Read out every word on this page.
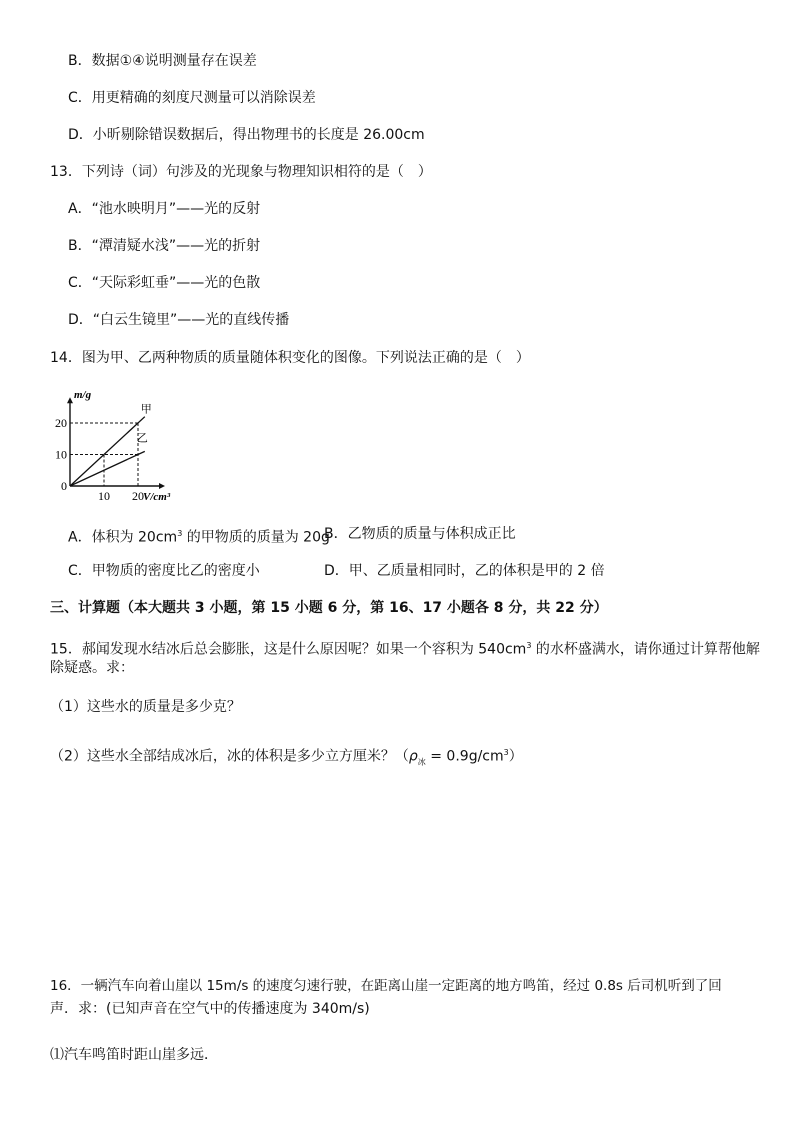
B．数据①④说明测量存在误差
C．用更精确的刻度尺测量可以消除误差
D．小昕剔除错误数据后，得出物理书的长度是 26.00cm
13．下列诗（词）句涉及的光现象与物理知识相符的是（　）
A．“池水映明月”——光的反射
B．“潭清疑水浅”——光的折射
C．“天际彩虹垂”——光的色散
D．“白云生镜里”——光的直线传播
14．图为甲、乙两种物质的质量随体积变化的图像。下列说法正确的是（　）
甲
乙
10
20
10 20
0
m/g
V/cm³
A．体积为 $20cm^3$ 的甲物质的质量为 20g
B．乙物质的质量与体积成正比
C．甲物质的密度比乙的密度小	D．甲、乙质量相同时，乙的体积是甲的 2 倍
三、计算题（本大题共 3 小题，第 15 小题 6 分，第 16、17 小题各 8 分，共 22 分）
15．郝闻发现水结冰后总会膨胀，这是什么原因呢？如果一个容积为 $540cm^3$ 的水杯盛满水，请你通过计算帮他解
除疑惑。求：
（1）这些水的质量是多少克？
（2）这些水全部结成冰后，冰的体积是多少立方厘米？$(\rho_冰 = 0.9g/cm^3)$
16．一辆汽车向着山崖以 15m/s 的速度匀速行驶，在距离山崖一定距离的地方鸣笛，经过 0.8s 后司机听到了回
声．求：(已知声音在空气中的传播速度为 340m/s)
⑴汽车鸣笛时距山崖多远．
